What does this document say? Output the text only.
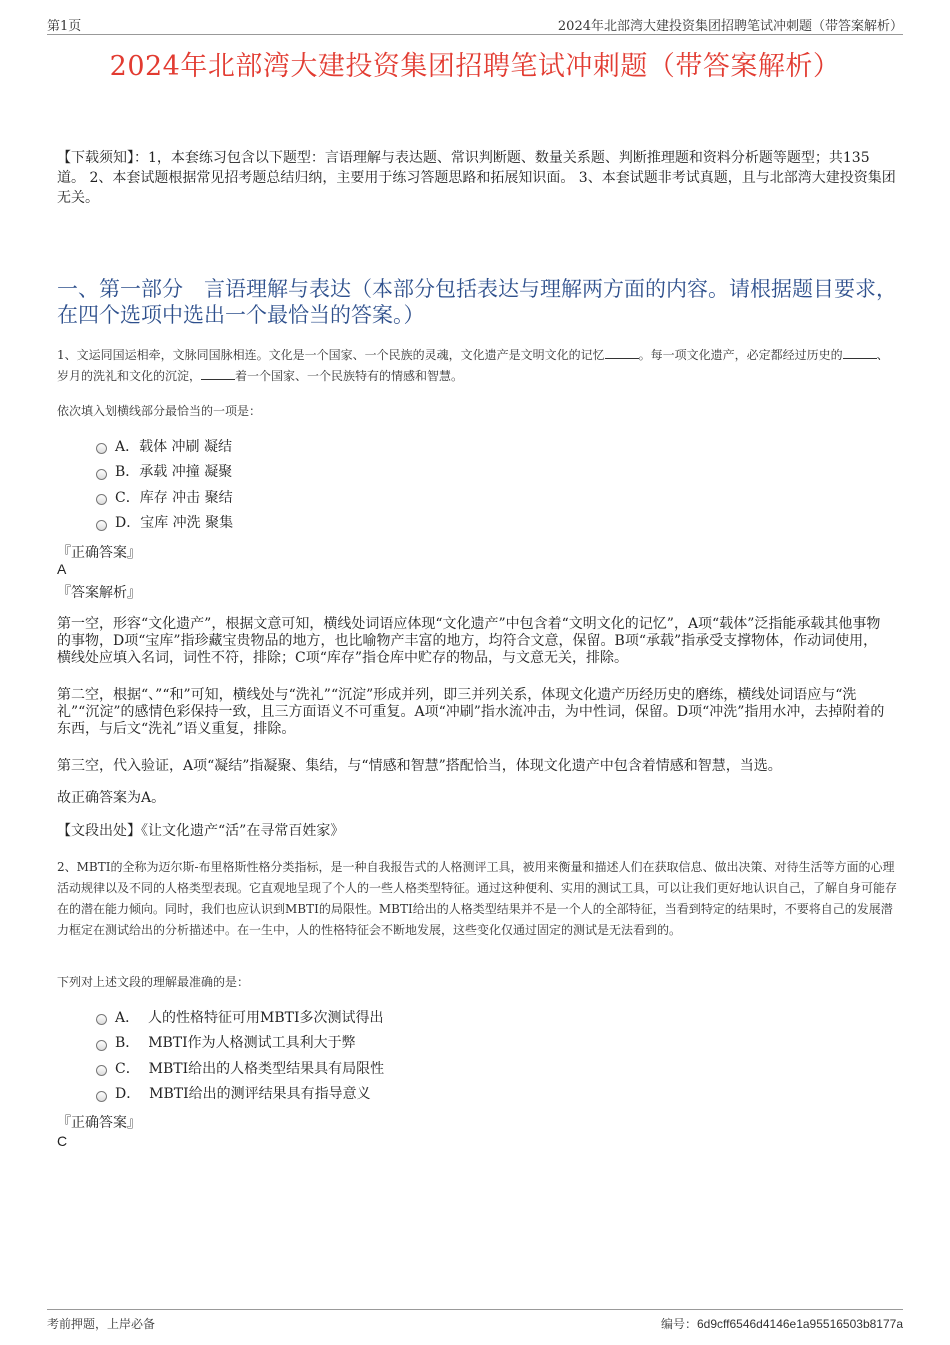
第1页	2024年北部湾大建投资集团招聘笔试冲刺题（带答案解析）
2024年北部湾大建投资集团招聘笔试冲刺题（带答案解析）
【下载须知】：1，本套练习包含以下题型：言语理解与表达题、常识判断题、数量关系题、判断推理题和资料分析题等题型；共135道。 2、本套试题根据常见招考题总结归纳，主要用于练习答题思路和拓展知识面。 3、本套试题非考试真题，且与北部湾大建投资集团无关。
一、第一部分　言语理解与表达（本部分包括表达与理解两方面的内容。请根据题目要求，在四个选项中选出一个最恰当的答案。）
1、文运同国运相牵，文脉同国脉相连。文化是一个国家、一个民族的灵魂，文化遗产是文明文化的记忆	。每一项文化遗产，必定都经过历史的	、岁月的洗礼和文化的沉淀，	着一个国家、一个民族特有的情感和智慧。
依次填入划横线部分最恰当的一项是：
A．载体 冲刷 凝结
B．承载 冲撞 凝聚
C．库存 冲击 聚结
D．宝库 冲洗 聚集
『正确答案』
A
『答案解析』
第一空，形容“文化遗产”，根据文意可知，横线处词语应体现“文化遗产”中包含着“文明文化的记忆”，A项“载体”泛指能承载其他事物的事物，D项“宝库”指珍藏宝贵物品的地方，也比喻物产丰富的地方，均符合文意，保留。B项“承载”指承受支撑物体，作动词使用，横线处应填入名词，词性不符，排除；C项“库存”指仓库中贮存的物品，与文意无关，排除。
第二空，根据“、”“和”可知，横线处与“洗礼”“沉淀”形成并列，即三并列关系，体现文化遗产历经历史的磨练，横线处词语应与“洗礼”“沉淀”的感情色彩保持一致，且三方面语义不可重复。A项“冲刷”指水流冲击，为中性词，保留。D项“冲洗”指用水冲，去掉附着的东西，与后文“洗礼”语义重复，排除。
第三空，代入验证，A项“凝结”指凝聚、集结，与“情感和智慧”搭配恰当，体现文化遗产中包含着情感和智慧，当选。
故正确答案为A。
【文段出处】《让文化遗产“活”在寻常百姓家》
2、MBTI的全称为迈尔斯-布里格斯性格分类指标，是一种自我报告式的人格测评工具，被用来衡量和描述人们在获取信息、做出决策、对待生活等方面的心理活动规律以及不同的人格类型表现。它直观地呈现了个人的一些人格类型特征。通过这种便利、实用的测试工具，可以让我们更好地认识自己，了解自身可能存在的潜在能力倾向。同时，我们也应认识到MBTI的局限性。MBTI给出的人格类型结果并不是一个人的全部特征，当看到特定的结果时，不要将自己的发展潜力框定在测试给出的分析描述中。在一生中，人的性格特征会不断地发展，这些变化仅通过固定的测试是无法看到的。
下列对上述文段的理解最准确的是：
A．  人的性格特征可用MBTI多次测试得出
B．  MBTI作为人格测试工具利大于弊
C．  MBTI给出的人格类型结果具有局限性
D．  MBTI给出的测评结果具有指导意义
『正确答案』
C
考前押题，上岸必备	编号：6d9cff6546d4146e1a95516503b8177a
